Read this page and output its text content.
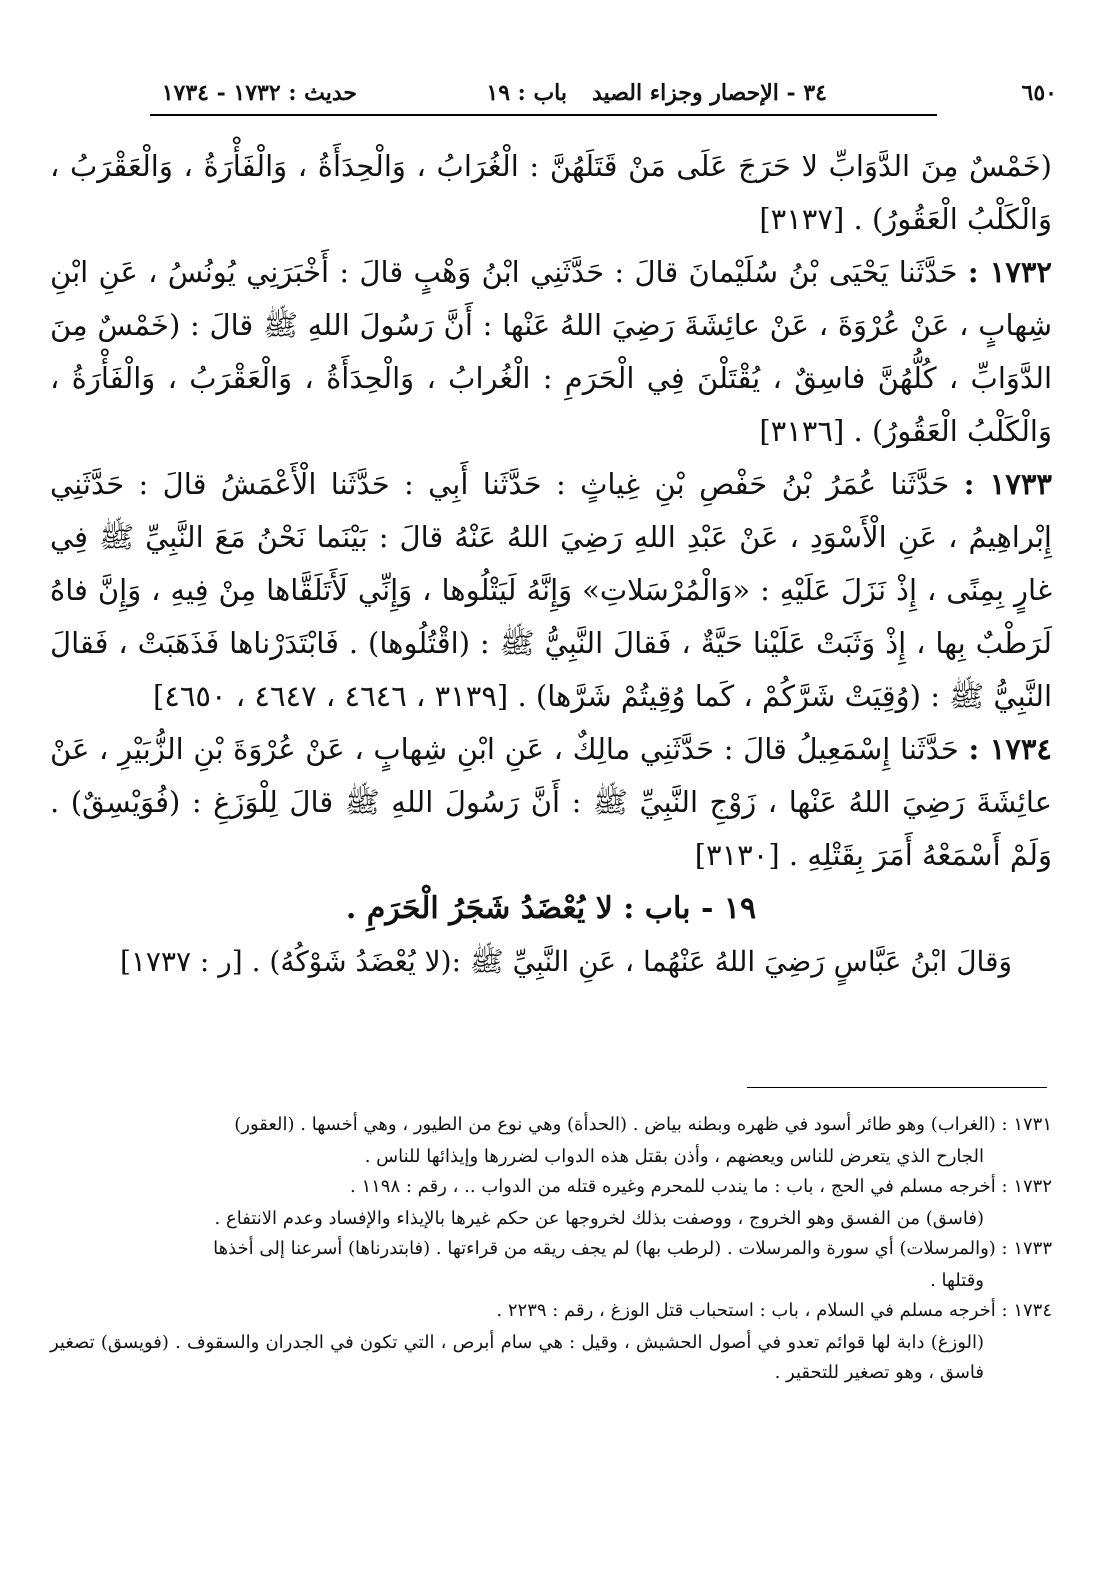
٦٥٠
٣٤ - الإحصار وجزاء الصيد
باب : ١٩
حديث : ١٧٣٢ - ١٧٣٤

(خَمْسٌ مِنَ الدَّوَابِّ لا حَرَجَ عَلَى مَنْ قَتَلَهُنَّ : الْغُرَابُ ، وَالْحِدَأَةُ ، وَالْفَأْرَةُ ، وَالْعَقْرَبُ ، وَالْكَلْبُ الْعَقُورُ) . [٣١٣٧]

١٧٣٢ : حَدَّثَنا يَحْيَى بْنُ سُلَيْمانَ قالَ : حَدَّثَنِي ابْنُ وَهْبٍ قالَ : أَخْبَرَنِي يُونُسُ ، عَنِ ابْنِ شِهابٍ ، عَنْ عُرْوَةَ ، عَنْ عائِشَةَ رَضِيَ اللهُ عَنْها : أَنَّ رَسُولَ اللهِ ﷺ قالَ : (خَمْسٌ مِنَ الدَّوَابِّ ، كُلُّهُنَّ فاسِقٌ ، يُقْتَلْنَ فِي الْحَرَمِ : الْغُرابُ ، وَالْحِدَأَةُ ، وَالْعَقْرَبُ ، وَالْفَأْرَةُ ، وَالْكَلْبُ الْعَقُورُ) . [٣١٣٦]

١٧٣٣ : حَدَّثَنا عُمَرُ بْنُ حَفْصِ بْنِ غِياثٍ : حَدَّثَنا أَبِي : حَدَّثَنا الْأَعْمَشُ قالَ : حَدَّثَنِي إِبْراهِيمُ ، عَنِ الْأَسْوَدِ ، عَنْ عَبْدِ اللهِ رَضِيَ اللهُ عَنْهُ قالَ : بَيْنَما نَحْنُ مَعَ النَّبِيِّ ﷺ فِي غارٍ بِمِنًى ، إِذْ نَزَلَ عَلَيْهِ : «وَالْمُرْسَلاتِ» وَإِنَّهُ لَيَتْلُوها ، وَإِنِّي لَأَتَلَقَّاها مِنْ فِيهِ ، وَإِنَّ فاهُ لَرَطْبٌ بِها ، إِذْ وَثَبَتْ عَلَيْنا حَيَّةٌ ، فَقالَ النَّبِيُّ ﷺ : (اقْتُلُوها) . فَابْتَدَرْناها فَذَهَبَتْ ، فَقالَ النَّبِيُّ ﷺ : (وُقِيَتْ شَرَّكُمْ ، كَما وُقِيتُمْ شَرَّها) . [٣١٣٩ ، ٤٦٤٦ ، ٤٦٤٧ ، ٤٦٥٠]

١٧٣٤ : حَدَّثَنا إِسْمَعِيلُ قالَ : حَدَّثَنِي مالِكٌ ، عَنِ ابْنِ شِهابٍ ، عَنْ عُرْوَةَ بْنِ الزُّبَيْرِ ، عَنْ عائِشَةَ رَضِيَ اللهُ عَنْها ، زَوْجِ النَّبِيِّ ﷺ : أَنَّ رَسُولَ اللهِ ﷺ قالَ لِلْوَزَغِ : (فُوَيْسِقٌ) . وَلَمْ أَسْمَعْهُ أَمَرَ بِقَتْلِهِ . [٣١٣٠]

١٩ - باب : لا يُعْضَدُ شَجَرُ الْحَرَمِ .

وَقالَ ابْنُ عَبَّاسٍ رَضِيَ اللهُ عَنْهُما ، عَنِ النَّبِيِّ ﷺ :(لا يُعْضَدُ شَوْكُهُ) . [ر : ١٧٣٧]

١٧٣١ : (الغراب) وهو طائر أسود في ظهره وبطنه بياض . (الحدأة) وهي نوع من الطيور ، وهي أخسها . (العقور)

الجارح الذي يتعرض للناس ويعضهم ، وأذن بقتل هذه الدواب لضررها وإيذائها للناس .

١٧٣٢ : أخرجه مسلم في الحج ، باب : ما يندب للمحرم وغيره قتله من الدواب .. ، رقم : ١١٩٨ .

(فاسق) من الفسق وهو الخروج ، ووصفت بذلك لخروجها عن حكم غيرها بالإيذاء والإفساد وعدم الانتفاع .

١٧٣٣ : (والمرسلات) أي سورة والمرسلات . (لرطب بها) لم يجف ريقه من قراءتها . (فابتدرناها) أسرعنا إلى أخذها

وقتلها .

١٧٣٤ : أخرجه مسلم في السلام ، باب : استحباب قتل الوزغ ، رقم : ٢٢٣٩ .

(الوزغ) دابة لها قوائم تعدو في أصول الحشيش ، وقيل : هي سام أبرص ، التي تكون في الجدران والسقوف . (فويسق) تصغير فاسق ، وهو تصغير للتحقير .
